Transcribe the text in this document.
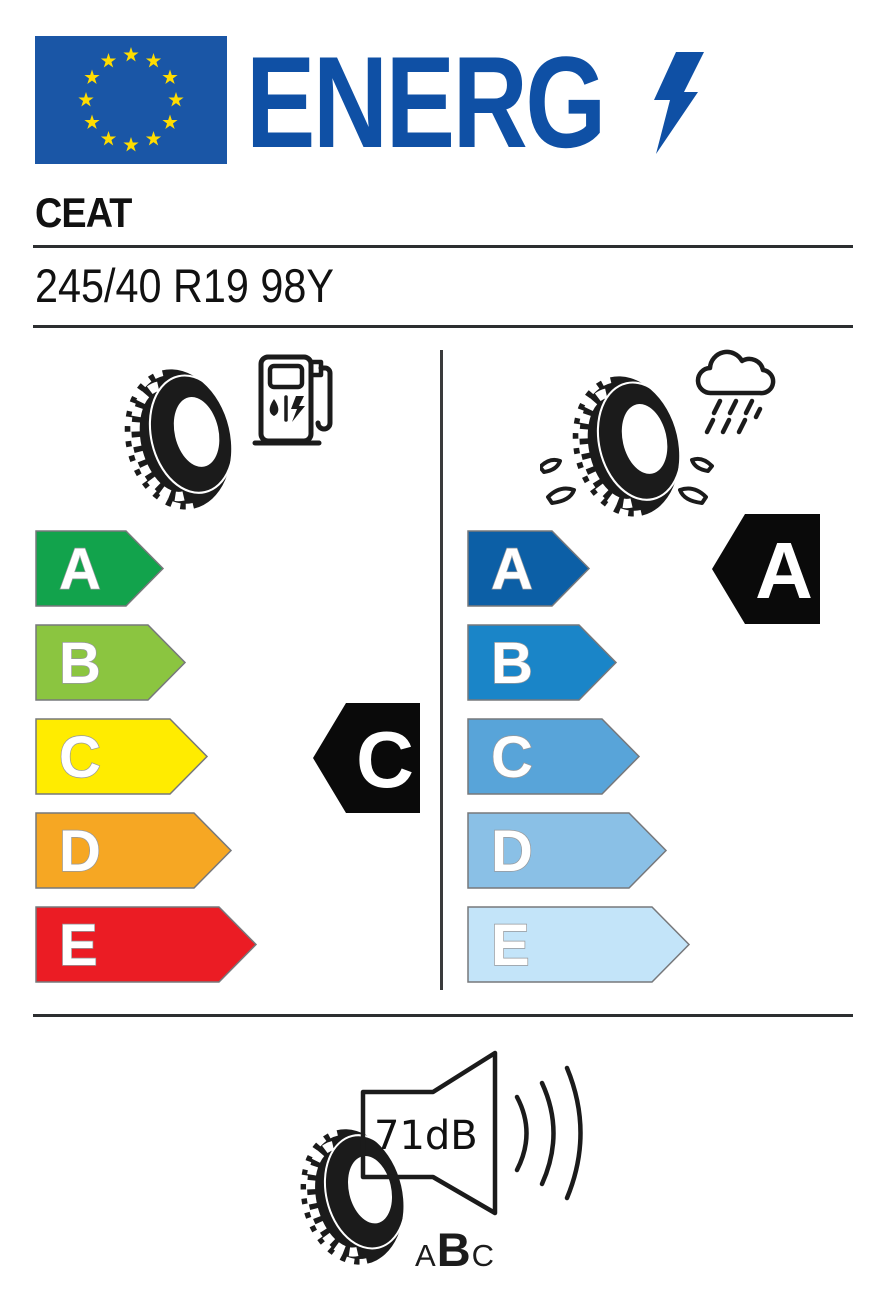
ENERG
CEAT
245/40 R19 98Y
A
B
C
D
E
C
A
B
C
D
E
A
71dB
A B C
